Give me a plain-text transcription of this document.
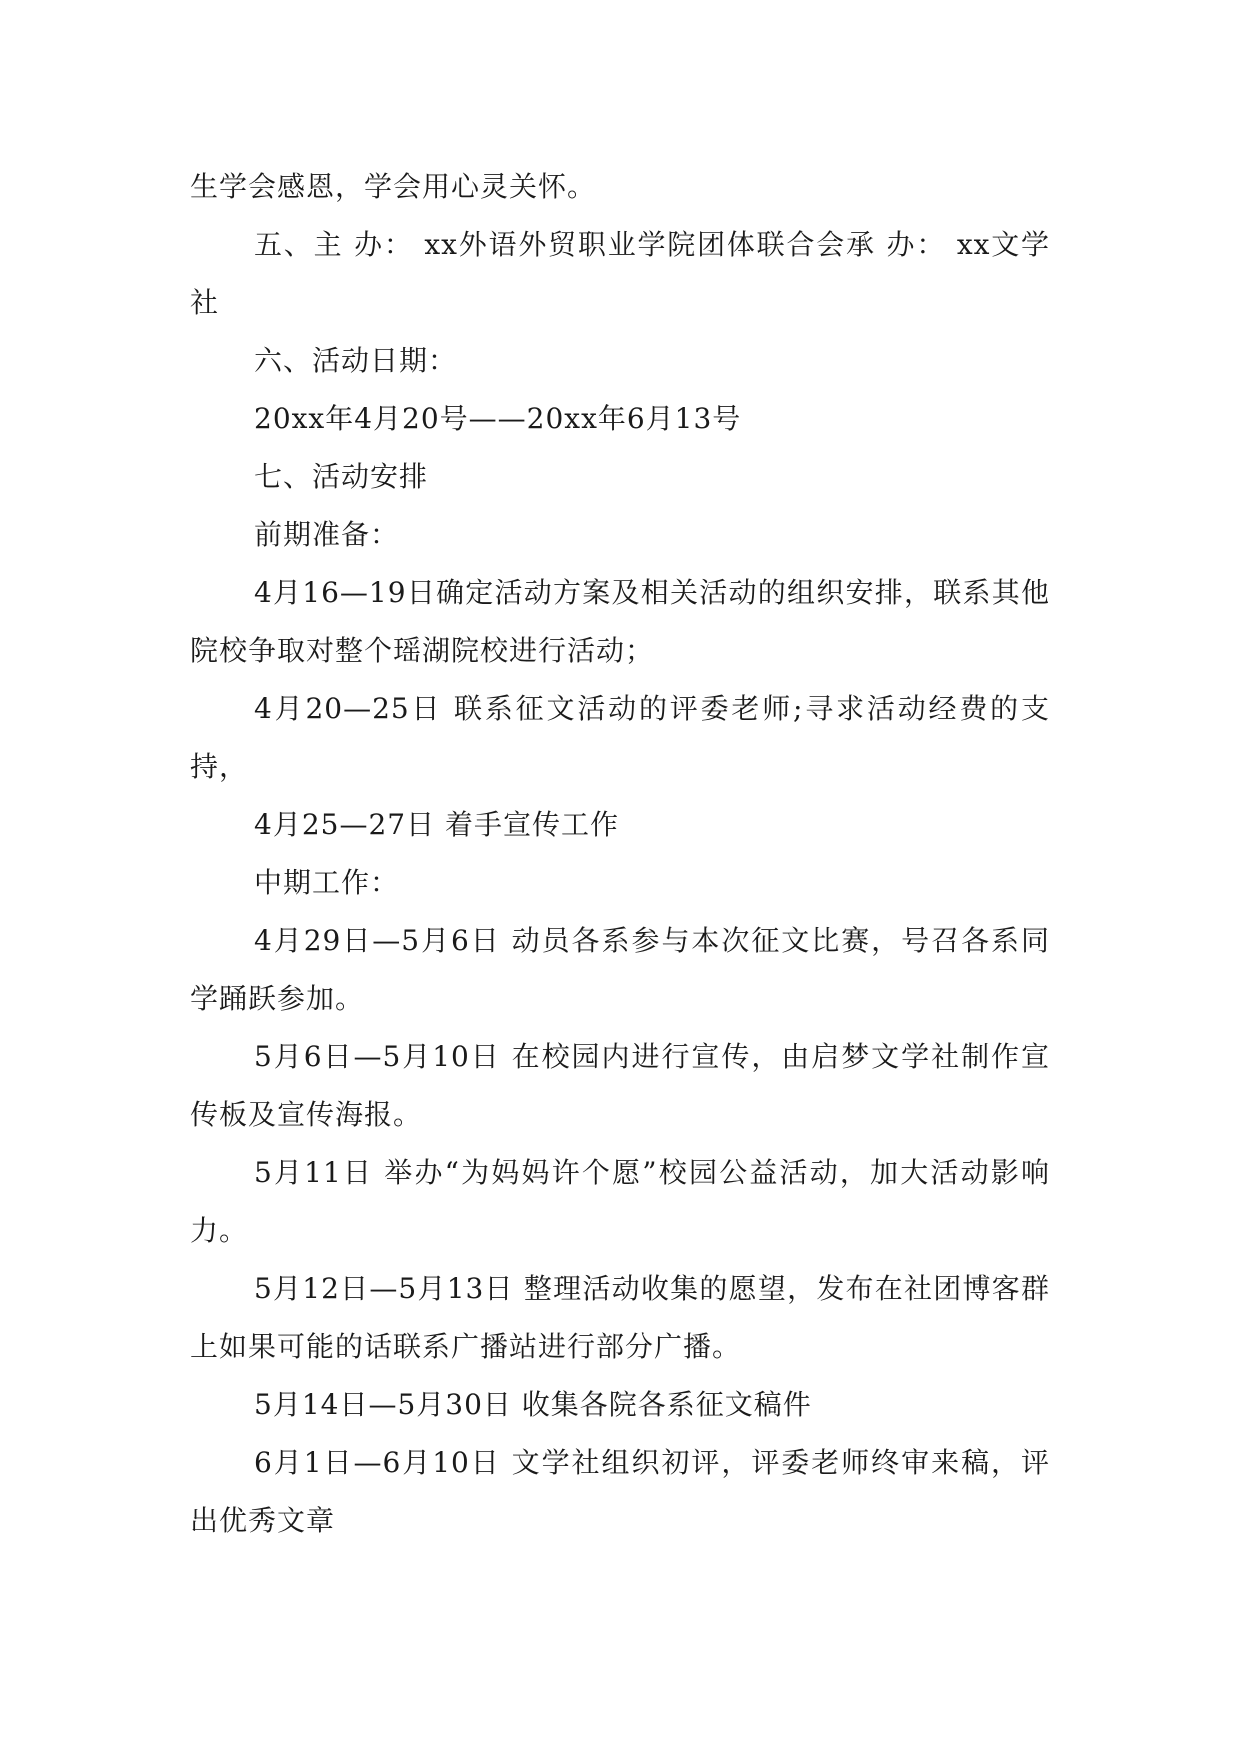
生学会感恩，学会用心灵关怀。

五、主 办： xx外语外贸职业学院团体联合会承 办： xx文学社

六、活动日期：

20xx年4月20号——20xx年6月13号

七、活动安排

前期准备：

4月16—19日确定活动方案及相关活动的组织安排，联系其他院校争取对整个瑶湖院校进行活动；

4月20—25日 联系征文活动的评委老师;寻求活动经费的支持，

4月25—27日 着手宣传工作

中期工作：

4月29日—5月6日 动员各系参与本次征文比赛，号召各系同学踊跃参加。

5月6日—5月10日 在校园内进行宣传，由启梦文学社制作宣传板及宣传海报。

5月11日 举办“为妈妈许个愿”校园公益活动，加大活动影响力。

5月12日—5月13日 整理活动收集的愿望，发布在社团博客群上如果可能的话联系广播站进行部分广播。

5月14日—5月30日 收集各院各系征文稿件

6月1日—6月10日 文学社组织初评，评委老师终审来稿，评出优秀文章
